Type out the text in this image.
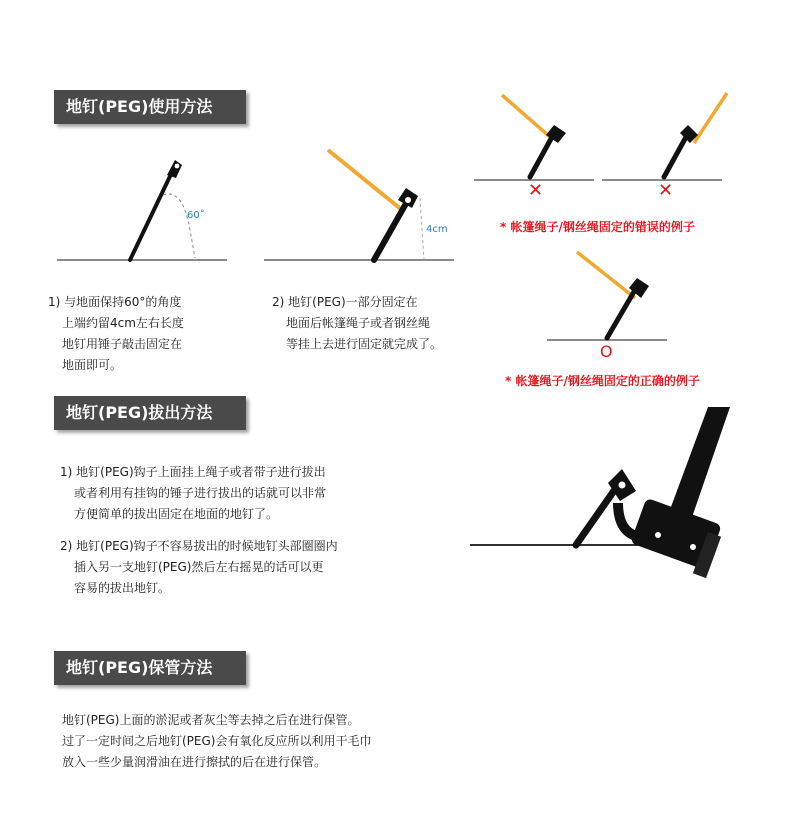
地钉(PEG)使用方法
60˚
4cm
✕	✕
* 帐篷绳子/钢丝绳固定的错误的例子
O
* 帐篷绳子/钢丝绳固定的正确的例子
1) 与地面保持60°的角度
上端约留4cm左右长度
地钉用锤子敲击固定在
地面即可。
2) 地钉(PEG)一部分固定在
地面后帐篷绳子或者钢丝绳
等挂上去进行固定就完成了。
地钉(PEG)拔出方法
1) 地钉(PEG)钩子上面挂上绳子或者带子进行拔出
或者利用有挂钩的锤子进行拔出的话就可以非常
方便简单的拔出固定在地面的地钉了。
2) 地钉(PEG)钩子不容易拔出的时候地钉头部圈圈内
插入另一支地钉(PEG)然后左右摇晃的话可以更
容易的拔出地钉。
地钉(PEG)保管方法
地钉(PEG)上面的淤泥或者灰尘等去掉之后在进行保管。
过了一定时间之后地钉(PEG)会有氧化反应所以利用干毛巾
放入一些少量润滑油在进行擦拭的后在进行保管。
